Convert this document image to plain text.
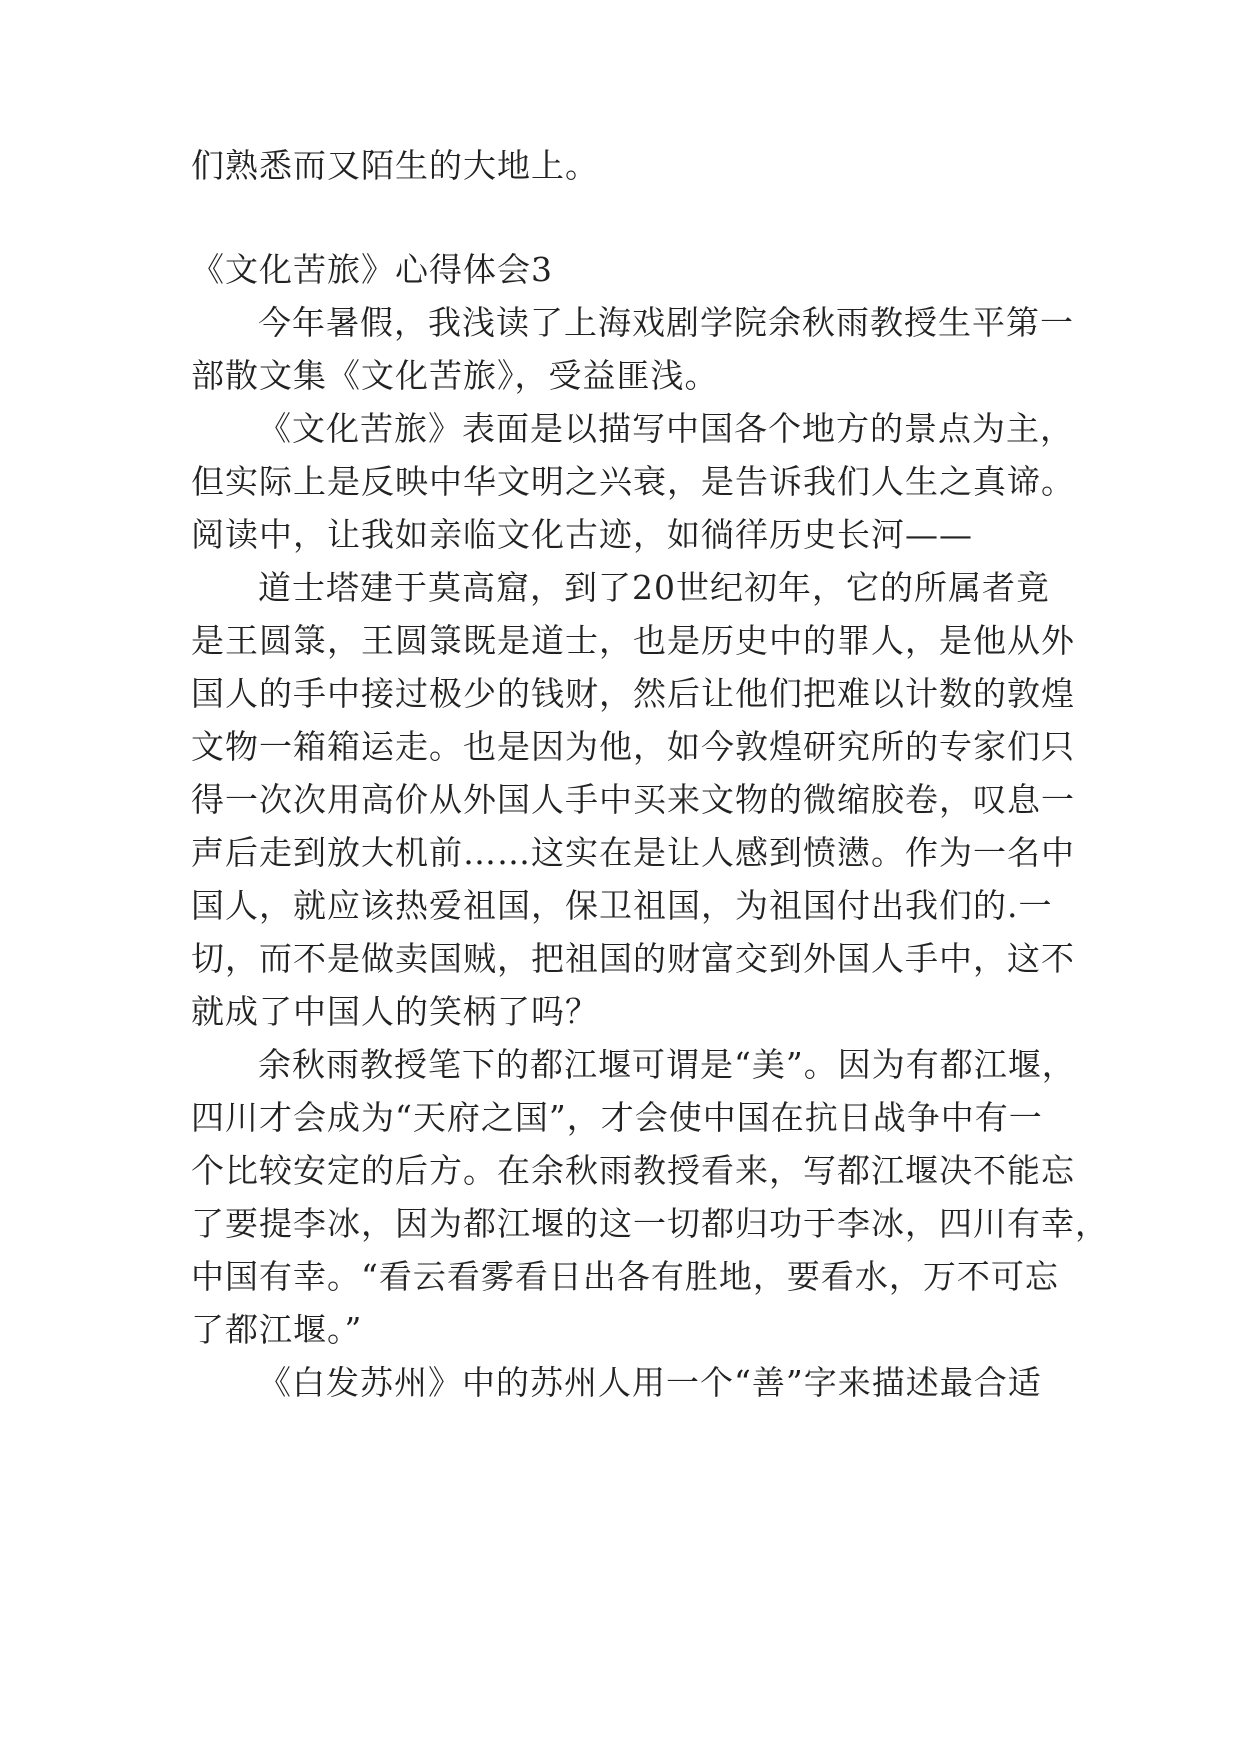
们熟悉而又陌生的大地上。
《文化苦旅》心得体会3
今年暑假，我浅读了上海戏剧学院余秋雨教授生平第一
部散文集《文化苦旅》，受益匪浅。
《文化苦旅》表面是以描写中国各个地方的景点为主，
但实际上是反映中华文明之兴衰，是告诉我们人生之真谛。
阅读中，让我如亲临文化古迹，如徜徉历史长河——
道士塔建于莫高窟，到了20世纪初年，它的所属者竟
是王圆箓，王圆箓既是道士，也是历史中的罪人，是他从外
国人的手中接过极少的钱财，然后让他们把难以计数的敦煌
文物一箱箱运走。也是因为他，如今敦煌研究所的专家们只
得一次次用高价从外国人手中买来文物的微缩胶卷，叹息一
声后走到放大机前……这实在是让人感到愤懑。作为一名中
国人，就应该热爱祖国，保卫祖国，为祖国付出我们的.一
切，而不是做卖国贼，把祖国的财富交到外国人手中，这不
就成了中国人的笑柄了吗？
余秋雨教授笔下的都江堰可谓是“美”。因为有都江堰，
四川才会成为“天府之国”，才会使中国在抗日战争中有一
个比较安定的后方。在余秋雨教授看来，写都江堰决不能忘
了要提李冰，因为都江堰的这一切都归功于李冰，四川有幸，
中国有幸。“看云看雾看日出各有胜地，要看水，万不可忘
了都江堰。”
《白发苏州》中的苏州人用一个“善”字来描述最合适
